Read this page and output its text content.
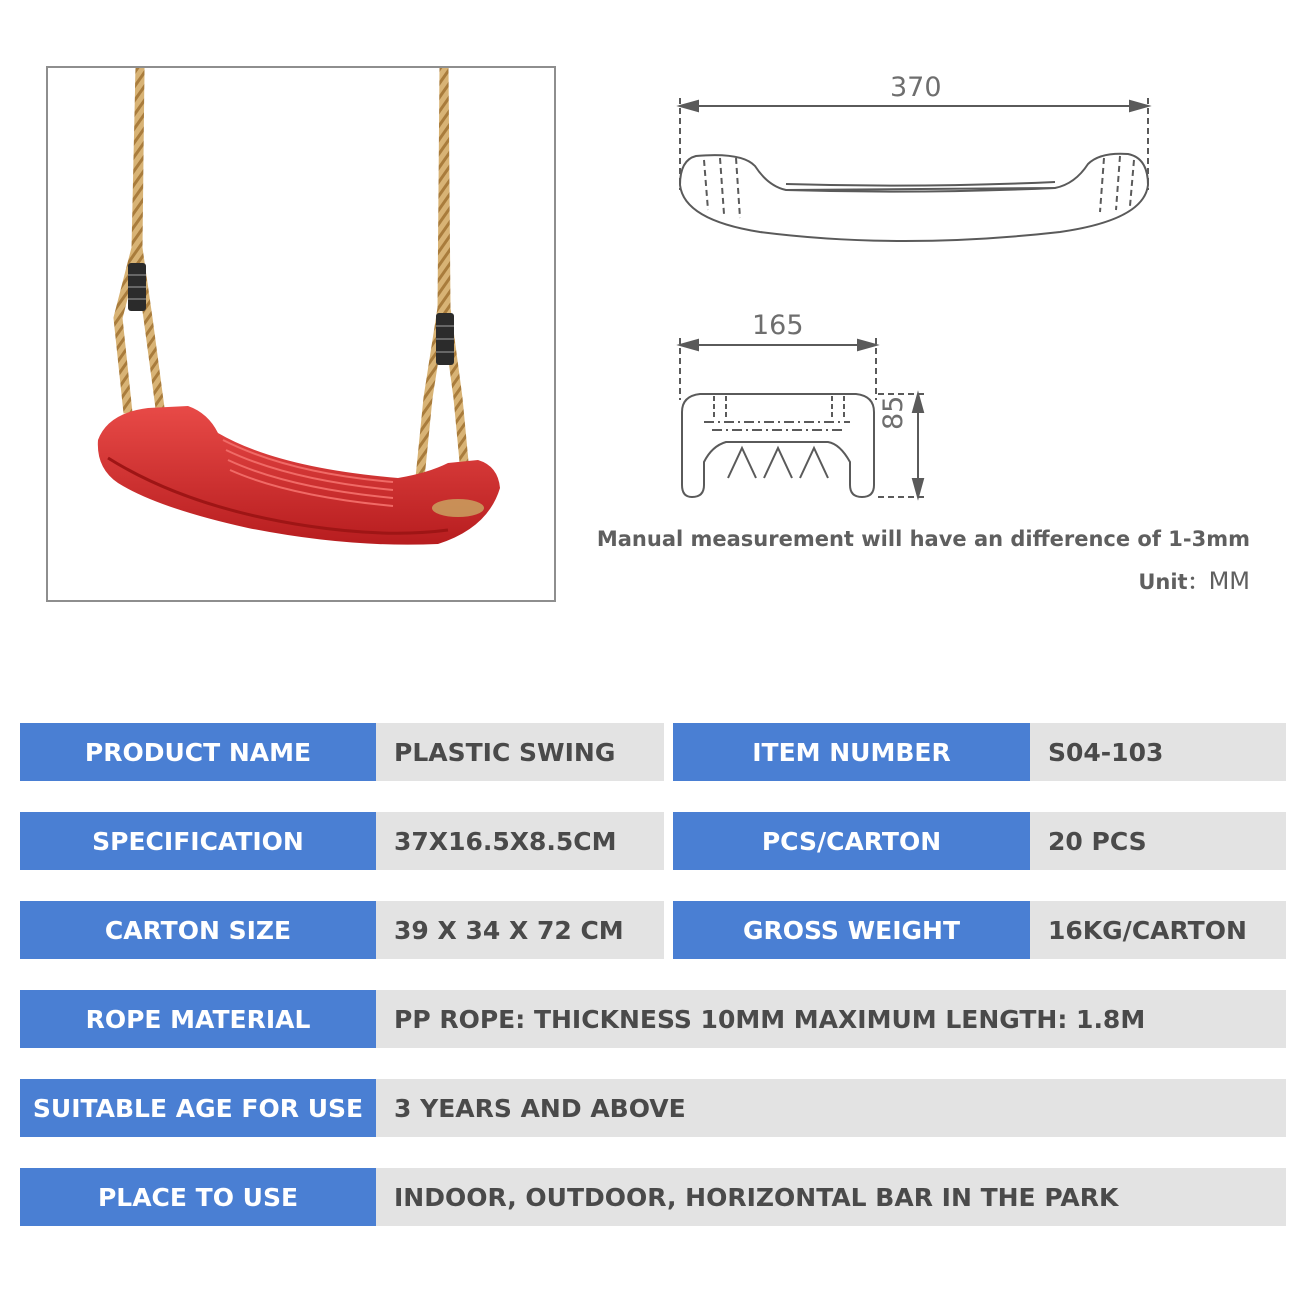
370
165
85
Manual measurement will have an difference of 1-3mm
Unit：MM
PRODUCT NAME	PLASTIC SWING	ITEM NUMBER	S04-103
SPECIFICATION	37X16.5X8.5CM	PCS/CARTON	20 PCS
CARTON SIZE	39 X 34 X 72 CM	GROSS WEIGHT	16KG/CARTON
ROPE MATERIAL	PP ROPE: THICKNESS 10MM MAXIMUM LENGTH: 1.8M
SUITABLE AGE FOR USE	3 YEARS AND ABOVE
PLACE TO USE	INDOOR, OUTDOOR, HORIZONTAL BAR IN THE PARK
